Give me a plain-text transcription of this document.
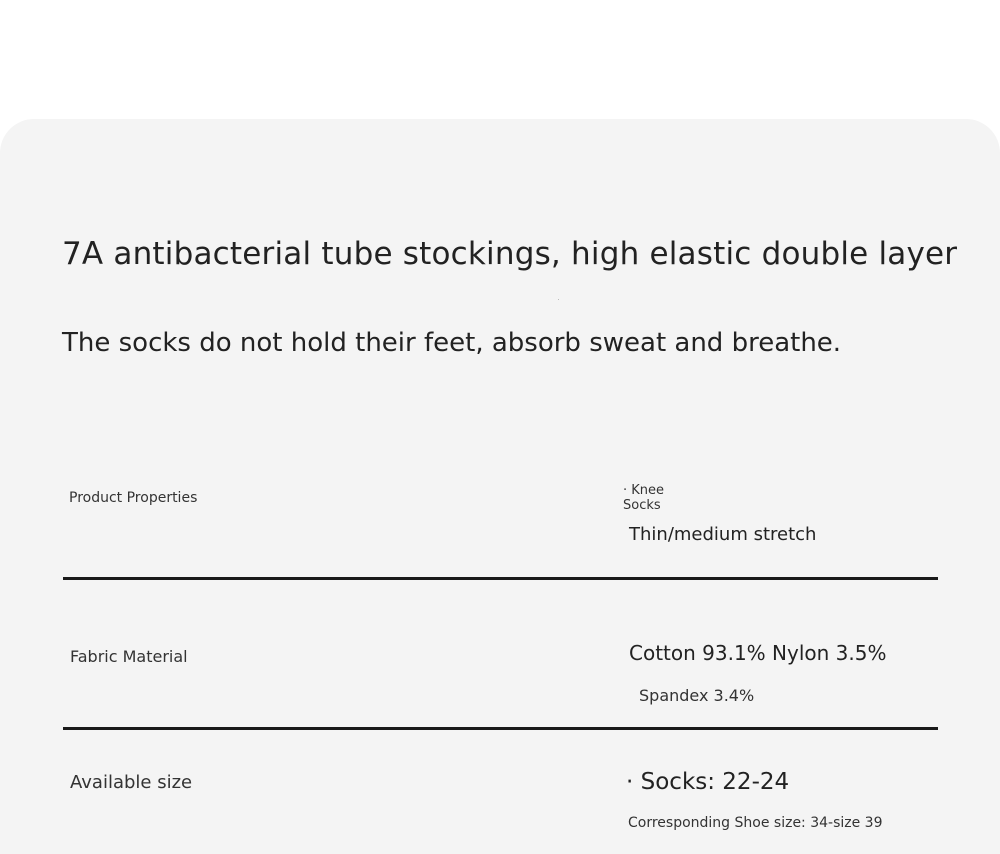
7A antibacterial tube stockings, high elastic double layer
The socks do not hold their feet, absorb sweat and breathe.
Product Properties	· Knee
Socks
Thin/medium stretch
Fabric Material	Cotton 93.1% Nylon 3.5%
Spandex 3.4%
Available size	· Socks: 22-24
Corresponding Shoe size: 34-size 39
